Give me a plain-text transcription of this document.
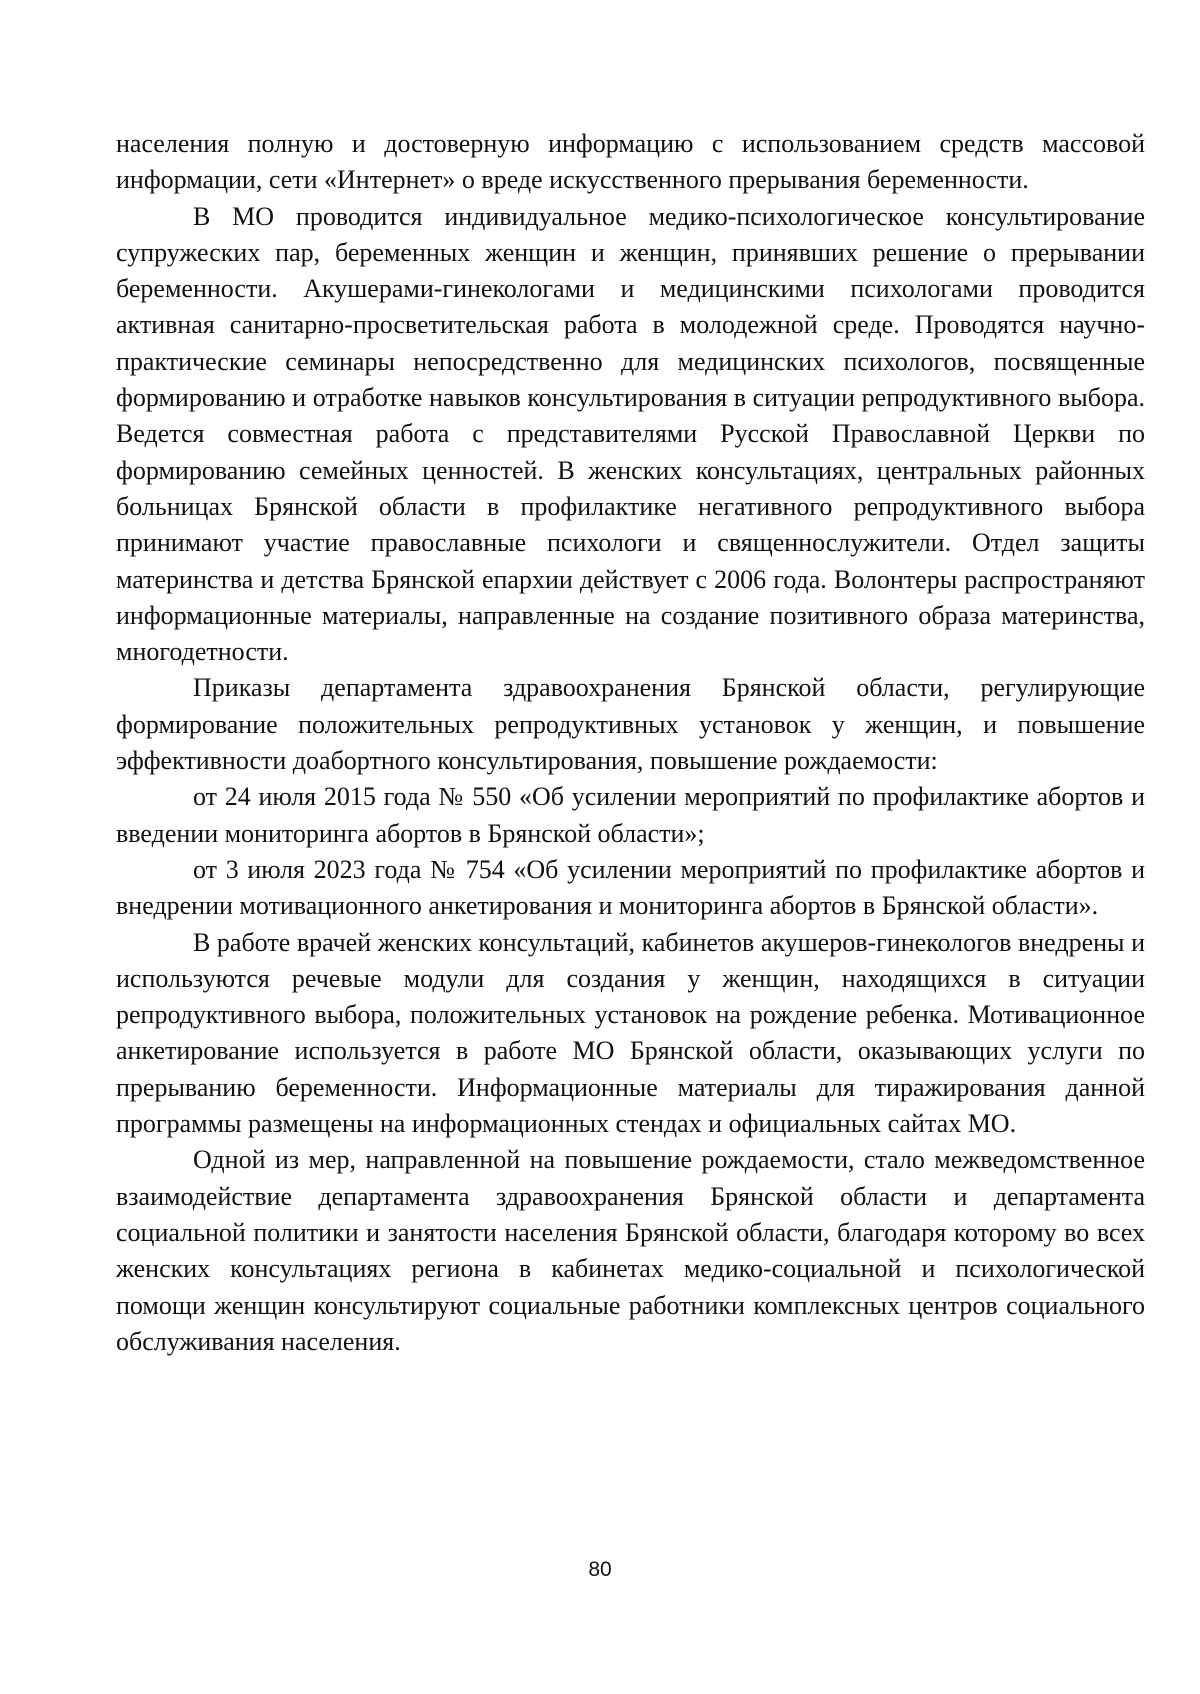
населения полную и достоверную информацию с использованием средств массовой информации, сети «Интернет» о вреде искусственного прерывания беременности.

В МО проводится индивидуальное медико-психологическое консультирование супружеских пар, беременных женщин и женщин, принявших решение о прерывании беременности. Акушерами-гинекологами и медицинскими психологами проводится активная санитарно-просветительская работа в молодежной среде. Проводятся научно-практические семинары непосредственно для медицинских психологов, посвященные формированию и отработке навыков консультирования в ситуации репродуктивного выбора. Ведется совместная работа с представителями Русской Православной Церкви по формированию семейных ценностей. В женских консультациях, центральных районных больницах Брянской области в профилактике негативного репродуктивного выбора принимают участие православные психологи и священнослужители. Отдел защиты материнства и детства Брянской епархии действует с 2006 года. Волонтеры распространяют информационные материалы, направленные на создание позитивного образа материнства, многодетности.

Приказы департамента здравоохранения Брянской области, регулирующие формирование положительных репродуктивных установок у женщин, и повышение эффективности доабортного консультирования, повышение рождаемости:

от 24 июля 2015 года № 550 «Об усилении мероприятий по профилактике абортов и введении мониторинга абортов в Брянской области»;

от 3 июля 2023 года № 754 «Об усилении мероприятий по профилактике абортов и внедрении мотивационного анкетирования и мониторинга абортов в Брянской области».

В работе врачей женских консультаций, кабинетов акушеров-гинекологов внедрены и используются речевые модули для создания у женщин, находящихся в ситуации репродуктивного выбора, положительных установок на рождение ребенка. Мотивационное анкетирование используется в работе МО Брянской области, оказывающих услуги по прерыванию беременности. Информационные материалы для тиражирования данной программы размещены на информационных стендах и официальных сайтах МО.

Одной из мер, направленной на повышение рождаемости, стало межведомственное взаимодействие департамента здравоохранения Брянской области и департамента социальной политики и занятости населения Брянской области, благодаря которому во всех женских консультациях региона в кабинетах медико-социальной и психологической помощи женщин консультируют социальные работники комплексных центров социального обслуживания населения.

80
